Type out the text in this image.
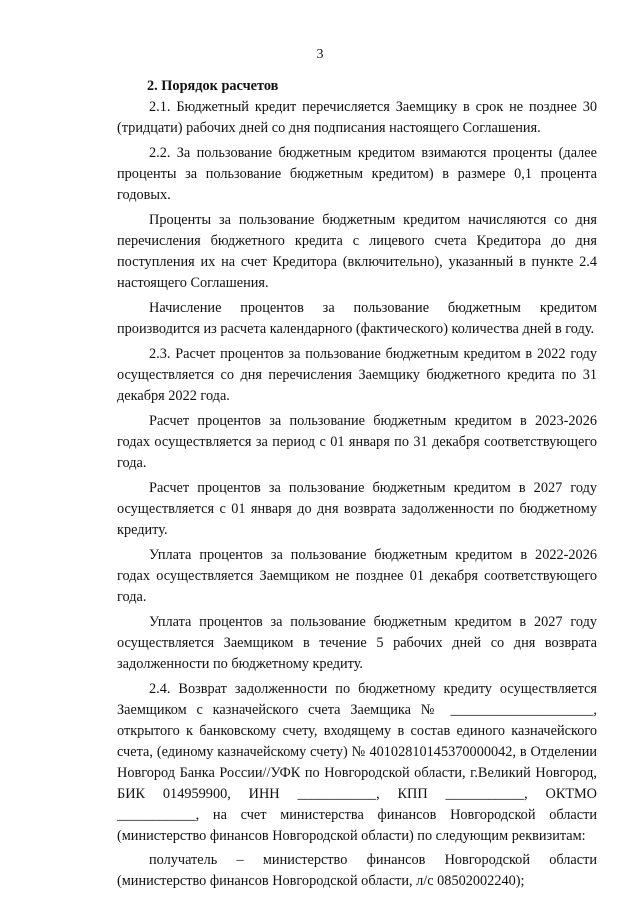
3
2. Порядок расчетов

2.1. Бюджетный кредит перечисляется Заемщику в срок не позднее 30 (тридцати) рабочих дней со дня подписания настоящего Соглашения.

2.2. За пользование бюджетным кредитом взимаются проценты (далее проценты за пользование бюджетным кредитом) в размере 0,1 процента годовых.

Проценты за пользование бюджетным кредитом начисляются со дня перечисления бюджетного кредита с лицевого счета Кредитора до дня поступления их на счет Кредитора (включительно), указанный в пункте 2.4 настоящего Соглашения.

Начисление процентов за пользование бюджетным кредитом производится из расчета календарного (фактического) количества дней в году.

2.3. Расчет процентов за пользование бюджетным кредитом в 2022 году осуществляется со дня перечисления Заемщику бюджетного кредита по 31 декабря 2022 года.

Расчет процентов за пользование бюджетным кредитом в 2023-2026 годах осуществляется за период с 01 января по 31 декабря соответствующего года.

Расчет процентов за пользование бюджетным кредитом в 2027 году осуществляется с 01 января до дня возврата задолженности по бюджетному кредиту.

Уплата процентов за пользование бюджетным кредитом в 2022-2026 годах осуществляется Заемщиком не позднее 01 декабря соответствующего года.

Уплата процентов за пользование бюджетным кредитом в 2027 году осуществляется Заемщиком в течение 5 рабочих дней со дня возврата задолженности по бюджетному кредиту.

2.4. Возврат задолженности по бюджетному кредиту осуществляется Заемщиком с казначейского счета Заемщика № ____________________, открытого к банковскому счету, входящему в состав единого казначейского счета, (единому казначейскому счету) № 40102810145370000042, в Отделении Новгород Банка России//УФК по Новгородской области, г.Великий Новгород, БИК 014959900, ИНН ___________, КПП ___________, ОКТМО ___________, на счет министерства финансов Новгородской области (министерство финансов Новгородской области) по следующим реквизитам:

получатель – министерство финансов Новгородской области (министерство финансов Новгородской области, л/с 08502002240);
